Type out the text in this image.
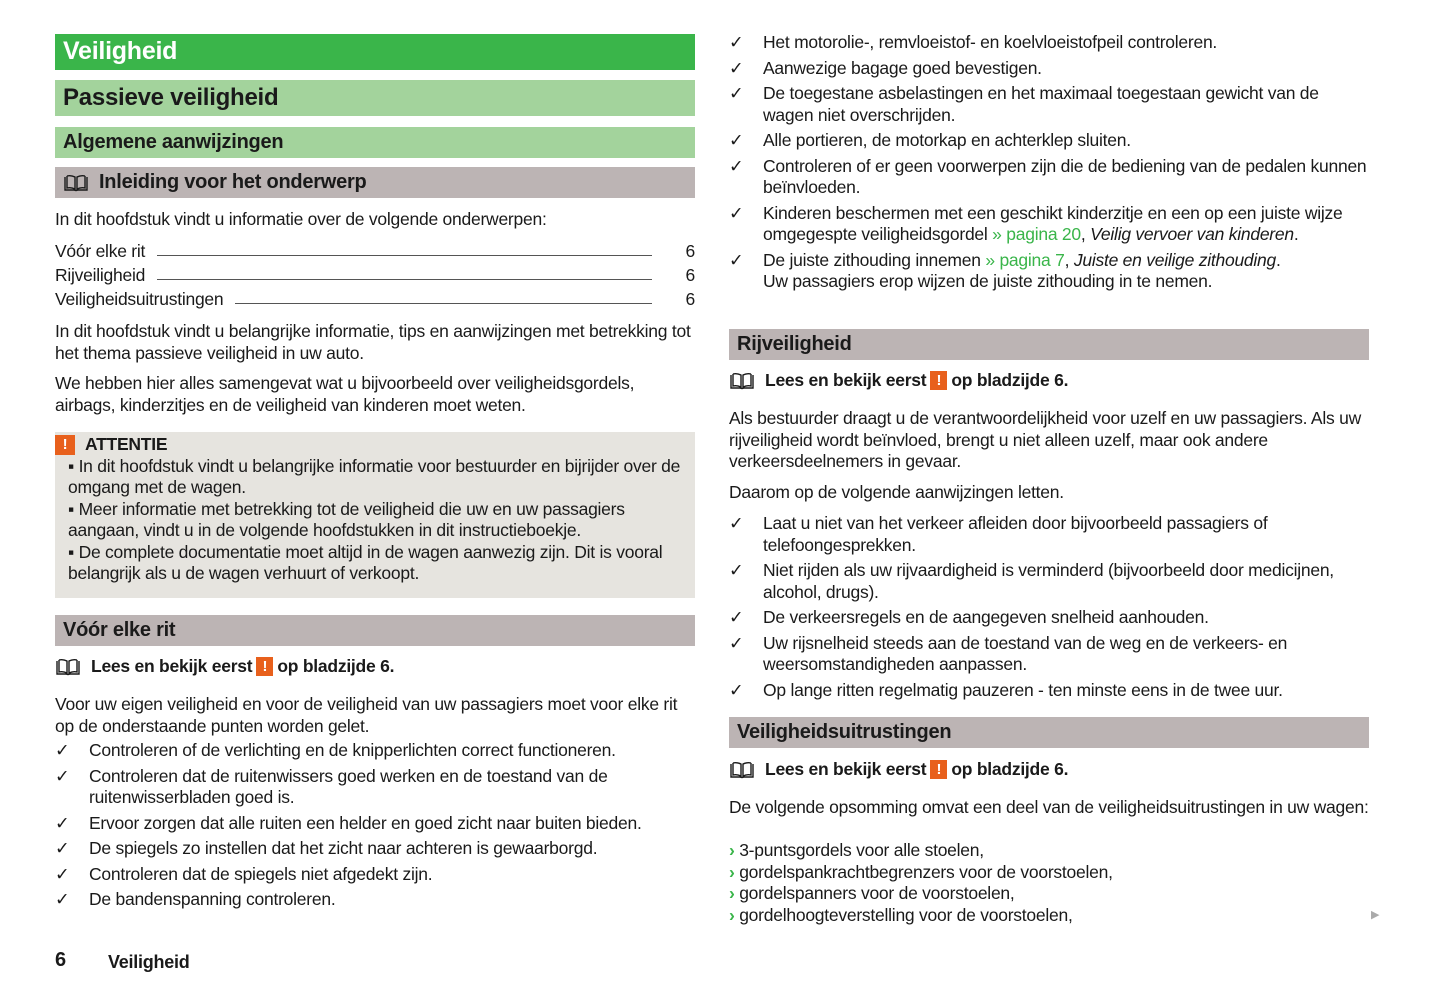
Veiligheid
Passieve veiligheid
Algemene aanwijzingen
Inleiding voor het onderwerp

In dit hoofdstuk vindt u informatie over de volgende onderwerpen:

Vóór elke rit	6
Rijveiligheid	6
Veiligheidsuitrustingen	6

In dit hoofdstuk vindt u belangrijke informatie, tips en aanwijzingen met betrekking tot het thema passieve veiligheid in uw auto.

We hebben hier alles samengevat wat u bijvoorbeeld over veiligheidsgordels, airbags, kinderzitjes en de veiligheid van kinderen moet weten.

!	ATTENTIE

▪ In dit hoofdstuk vindt u belangrijke informatie voor bestuurder en bijrijder over de omgang met de wagen.

▪ Meer informatie met betrekking tot de veiligheid die uw en uw passagiers aangaan, vindt u in de volgende hoofdstukken in dit instructieboekje.

▪ De complete documentatie moet altijd in de wagen aanwezig zijn. Dit is vooral belangrijk als u de wagen verhuurt of verkoopt.

Vóór elke rit
Lees en bekijk eerst ! op bladzijde 6.

Voor uw eigen veiligheid en voor de veiligheid van uw passagiers moet voor elke rit op de onderstaande punten worden gelet.

✓ Controleren of de verlichting en de knipperlichten correct functioneren.
✓ Controleren dat de ruitenwissers goed werken en de toestand van de ruitenwisserbladen goed is.
✓ Ervoor zorgen dat alle ruiten een helder en goed zicht naar buiten bieden.
✓ De spiegels zo instellen dat het zicht naar achteren is gewaarborgd.
✓ Controleren dat de spiegels niet afgedekt zijn.
✓ De bandenspanning controleren.
6 Veiligheid
✓ Het motorolie-, remvloeistof- en koelvloeistofpeil controleren.
✓ Aanwezige bagage goed bevestigen.
✓ De toegestane asbelastingen en het maximaal toegestaan gewicht van de wagen niet overschrijden.
✓ Alle portieren, de motorkap en achterklep sluiten.
✓ Controleren of er geen voorwerpen zijn die de bediening van de pedalen kunnen beïnvloeden.
✓ Kinderen beschermen met een geschikt kinderzitje en een op een juiste wijze omgegespte veiligheidsgordel » pagina 20, Veilig vervoer van kinderen.
✓ De juiste zithouding innemen » pagina 7, Juiste en veilige zithouding.
Uw passagiers erop wijzen de juiste zithouding in te nemen.
Rijveiligheid
Lees en bekijk eerst ! op bladzijde 6.

Als bestuurder draagt u de verantwoordelijkheid voor uzelf en uw passagiers. Als uw rijveiligheid wordt beïnvloed, brengt u niet alleen uzelf, maar ook andere verkeersdeelnemers in gevaar.

Daarom op de volgende aanwijzingen letten.

✓ Laat u niet van het verkeer afleiden door bijvoorbeeld passagiers of telefoongesprekken.
✓ Niet rijden als uw rijvaardigheid is verminderd (bijvoorbeeld door medicijnen, alcohol, drugs).
✓ De verkeersregels en de aangegeven snelheid aanhouden.
✓ Uw rijsnelheid steeds aan de toestand van de weg en de verkeers- en weersomstandigheden aanpassen.
✓ Op lange ritten regelmatig pauzeren - ten minste eens in de twee uur.
Veiligheidsuitrustingen
Lees en bekijk eerst ! op bladzijde 6.

De volgende opsomming omvat een deel van de veiligheidsuitrustingen in uw wagen:

› 3-puntsgordels voor alle stoelen,
› gordelspankrachtbegrenzers voor de voorstoelen,
› gordelspanners voor de voorstoelen,
› gordelhoogteverstelling voor de voorstoelen,	▶
